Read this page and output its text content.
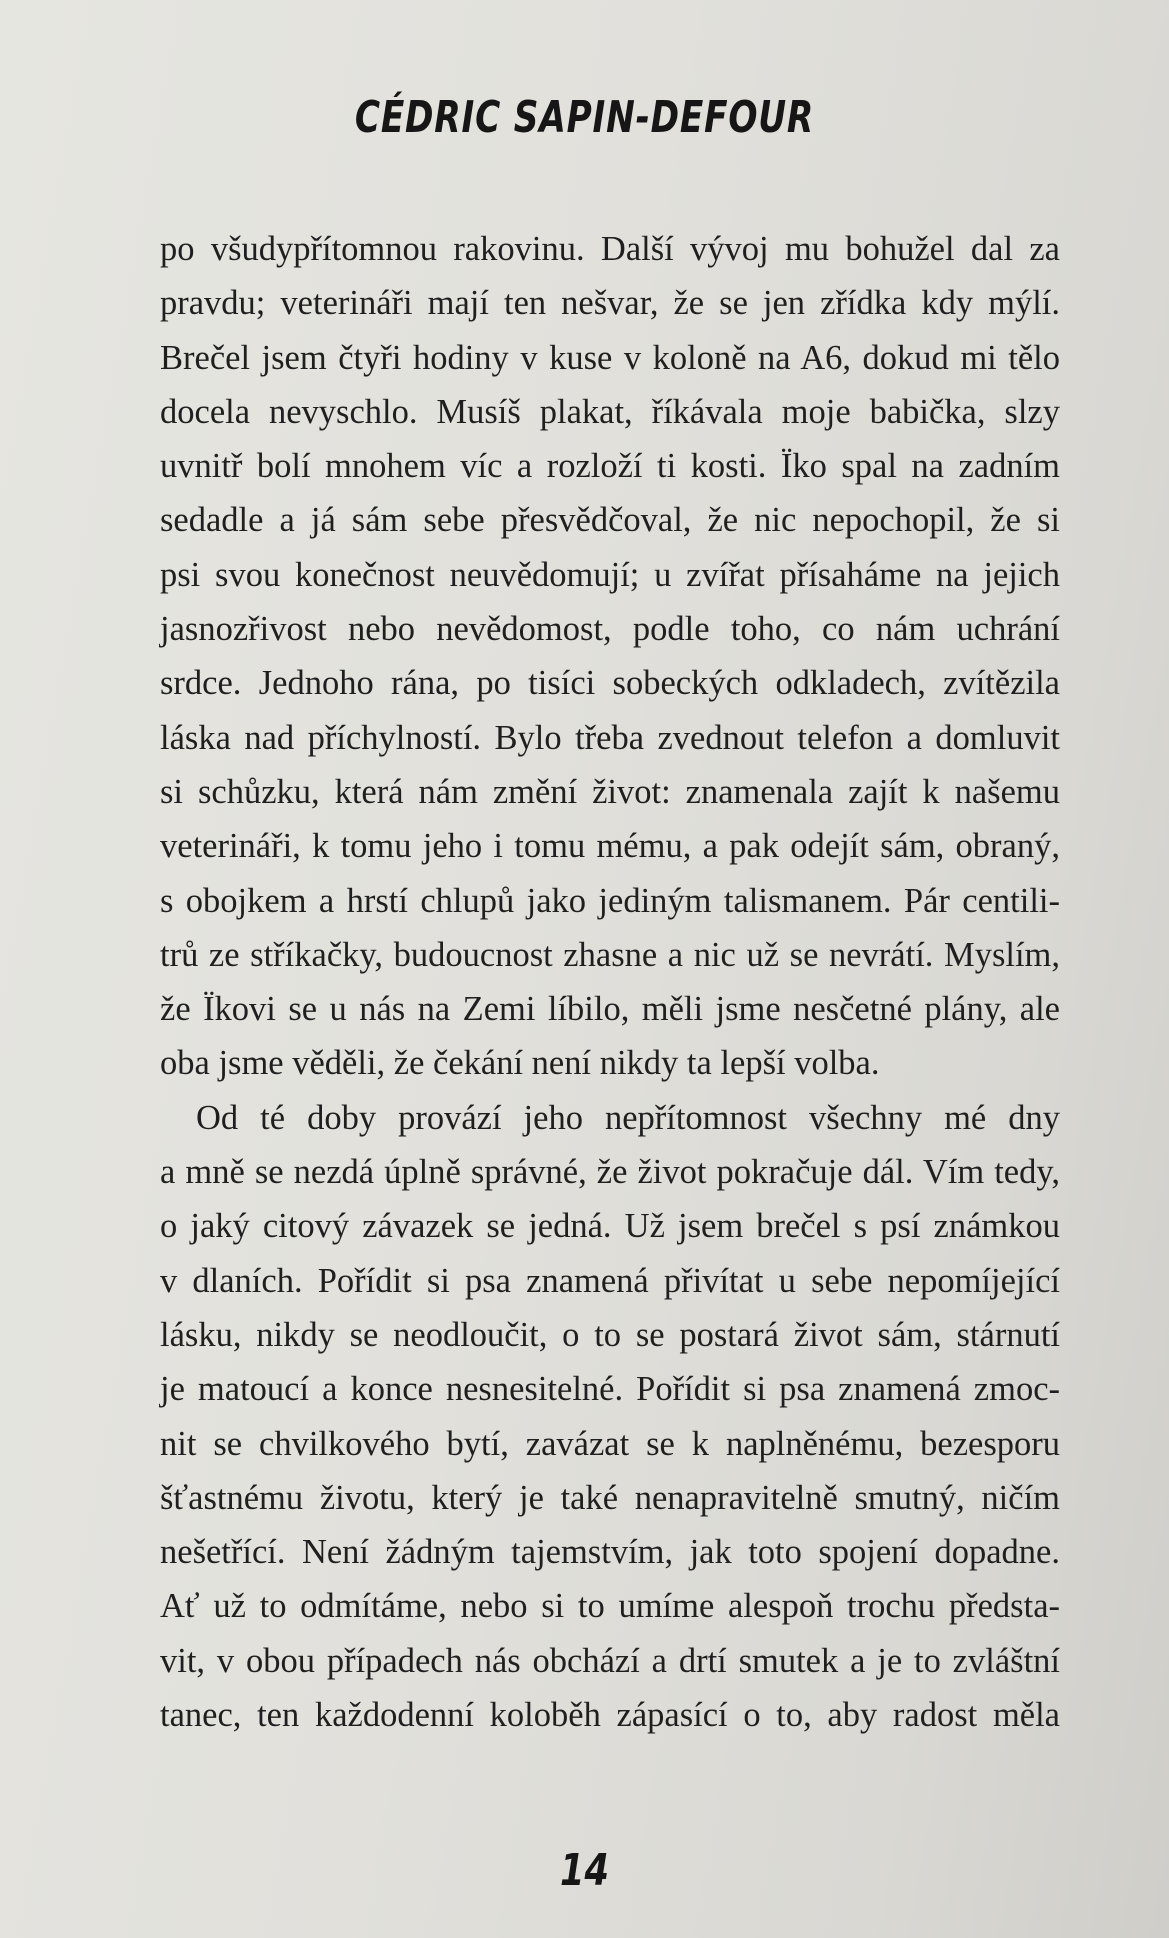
CÉDRIC SAPIN-DEFOUR
po všudypřítomnou rakovinu. Další vývoj mu bohužel dal za
pravdu; veterináři mají ten nešvar, že se jen zřídka kdy mýlí.
Brečel jsem čtyři hodiny v kuse v koloně na A6, dokud mi tělo
docela nevyschlo. Musíš plakat, říkávala moje babička, slzy
uvnitř bolí mnohem víc a rozloží ti kosti. Ïko spal na zadním
sedadle a já sám sebe přesvědčoval, že nic nepochopil, že si
psi svou konečnost neuvědomují; u zvířat přísaháme na jejich
jasnozřivost nebo nevědomost, podle toho, co nám uchrání
srdce. Jednoho rána, po tisíci sobeckých odkladech, zvítězila
láska nad příchylností. Bylo třeba zvednout telefon a domluvit
si schůzku, která nám změní život: znamenala zajít k našemu
veterináři, k tomu jeho i tomu mému, a pak odejít sám, obraný,
s obojkem a hrstí chlupů jako jediným talismanem. Pár centili-
trů ze stříkačky, budoucnost zhasne a nic už se nevrátí. Myslím,
že Ïkovi se u nás na Zemi líbilo, měli jsme nesčetné plány, ale
oba jsme věděli, že čekání není nikdy ta lepší volba.
Od té doby provází jeho nepřítomnost všechny mé dny
a mně se nezdá úplně správné, že život pokračuje dál. Vím tedy,
o jaký citový závazek se jedná. Už jsem brečel s psí známkou
v dlaních. Pořídit si psa znamená přivítat u sebe nepomíjející
lásku, nikdy se neodloučit, o to se postará život sám, stárnutí
je matoucí a konce nesnesitelné. Pořídit si psa znamená zmoc-
nit se chvilkového bytí, zavázat se k naplněnému, bezesporu
šťastnému životu, který je také nenapravitelně smutný, ničím
nešetřící. Není žádným tajemstvím, jak toto spojení dopadne.
Ať už to odmítáme, nebo si to umíme alespoň trochu předsta-
vit, v obou případech nás obchází a drtí smutek a je to zvláštní
tanec, ten každodenní koloběh zápasící o to, aby radost měla
14
